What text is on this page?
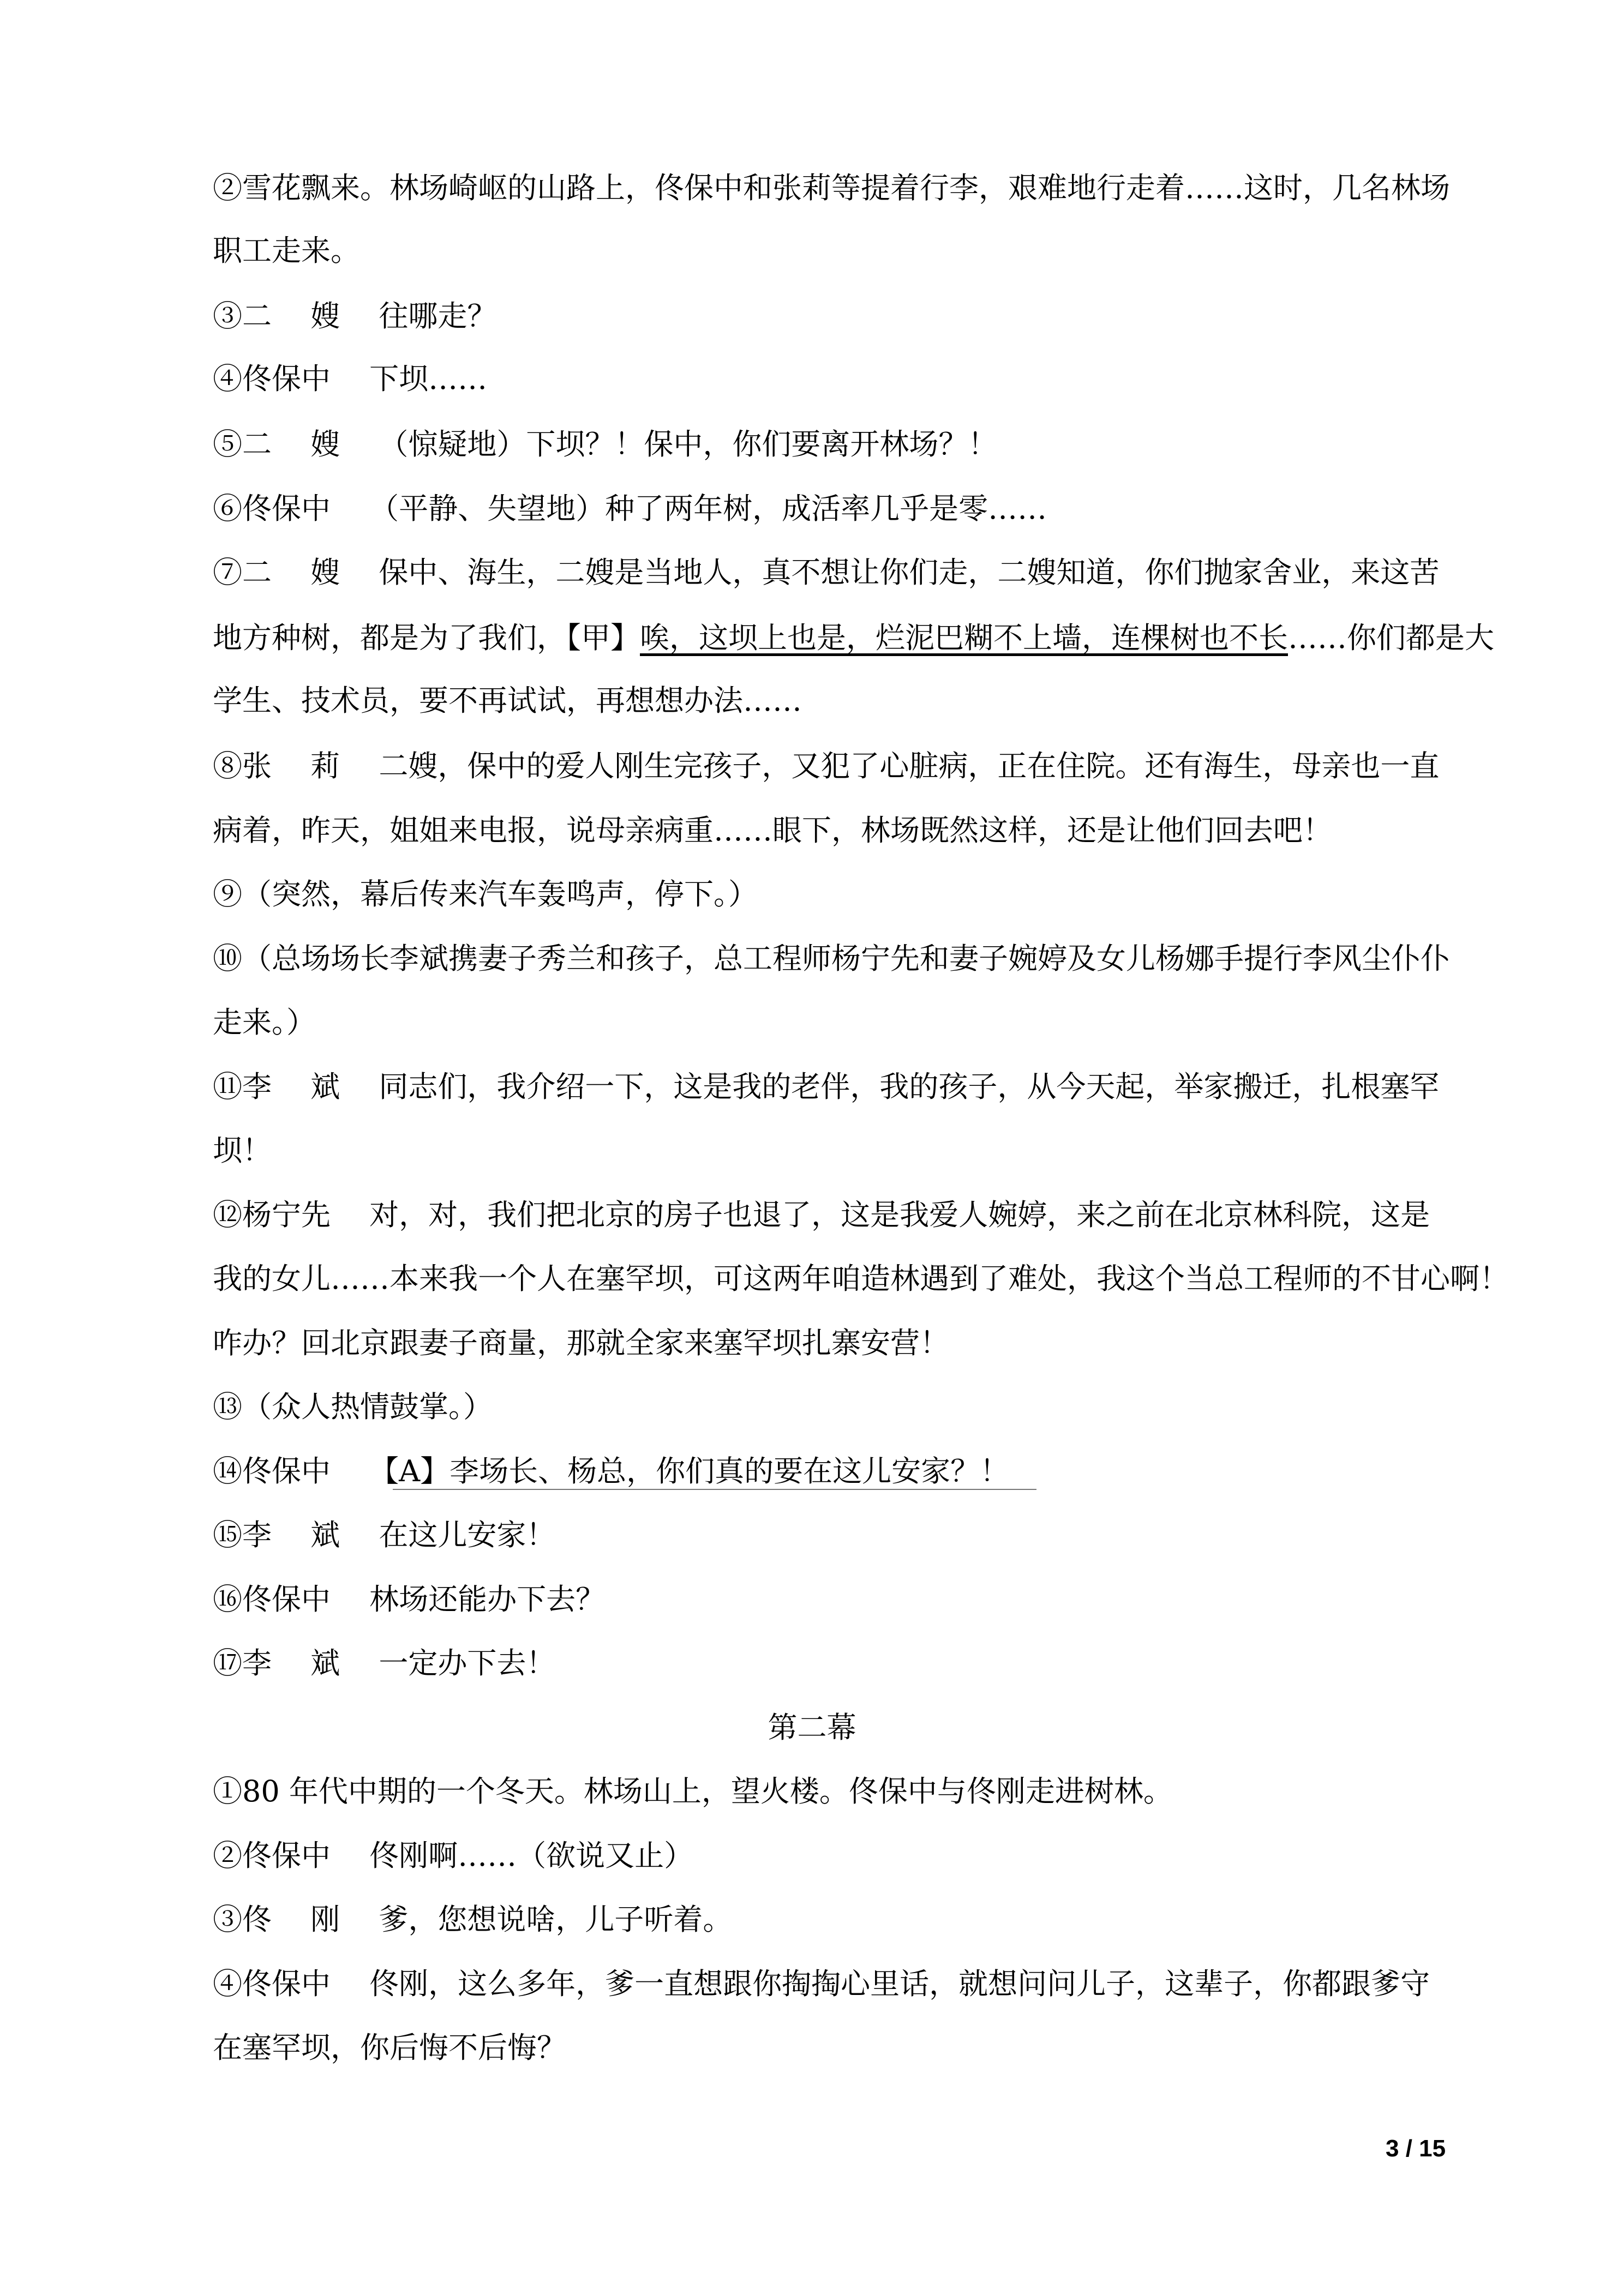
②雪花飘来。林场崎岖的山路上，佟保中和张莉等提着行李，艰难地行走着……这时，几名林场
职工走来。
③二　 嫂　 往哪走？
④佟保中　 下坝……
⑤二　 嫂　 （惊疑地）下坝？！保中，你们要离开林场？！
⑥佟保中　 （平静、失望地）种了两年树，成活率几乎是零……
⑦二　 嫂　 保中、海生，二嫂是当地人，真不想让你们走，二嫂知道，你们抛家舍业，来这苦
地方种树，都是为了我们，【甲】唉，这坝上也是，烂泥巴糊不上墙，连棵树也不长……你们都是大
学生、技术员，要不再试试，再想想办法……
⑧张　 莉　 二嫂，保中的爱人刚生完孩子，又犯了心脏病，正在住院。还有海生，母亲也一直
病着，昨天，姐姐来电报，说母亲病重……眼下，林场既然这样，还是让他们回去吧！
⑨（突然，幕后传来汽车轰鸣声，停下。）
⑩（总场场长李斌携妻子秀兰和孩子，总工程师杨宁先和妻子婉婷及女儿杨娜手提行李风尘仆仆
走来。）
⑪李　 斌　 同志们，我介绍一下，这是我的老伴，我的孩子，从今天起，举家搬迁，扎根塞罕
坝！
⑫杨宁先　 对，对，我们把北京的房子也退了，这是我爱人婉婷，来之前在北京林科院，这是
我的女儿……本来我一个人在塞罕坝，可这两年咱造林遇到了难处，我这个当总工程师的不甘心啊！
咋办？回北京跟妻子商量，那就全家来塞罕坝扎寨安营！
⑬（众人热情鼓掌。）
⑭佟保中　 【A】李场长、杨总，你们真的要在这儿安家？！
⑮李　 斌　 在这儿安家！
⑯佟保中　 林场还能办下去？
⑰李　 斌　 一定办下去！
第二幕
①80 年代中期的一个冬天。林场山上，望火楼。佟保中与佟刚走进树林。
②佟保中　 佟刚啊……（欲说又止）
③佟　 刚　 爹，您想说啥，儿子听着。
④佟保中　 佟刚，这么多年，爹一直想跟你掏掏心里话，就想问问儿子，这辈子，你都跟爹守
在塞罕坝，你后悔不后悔？
3 / 15
